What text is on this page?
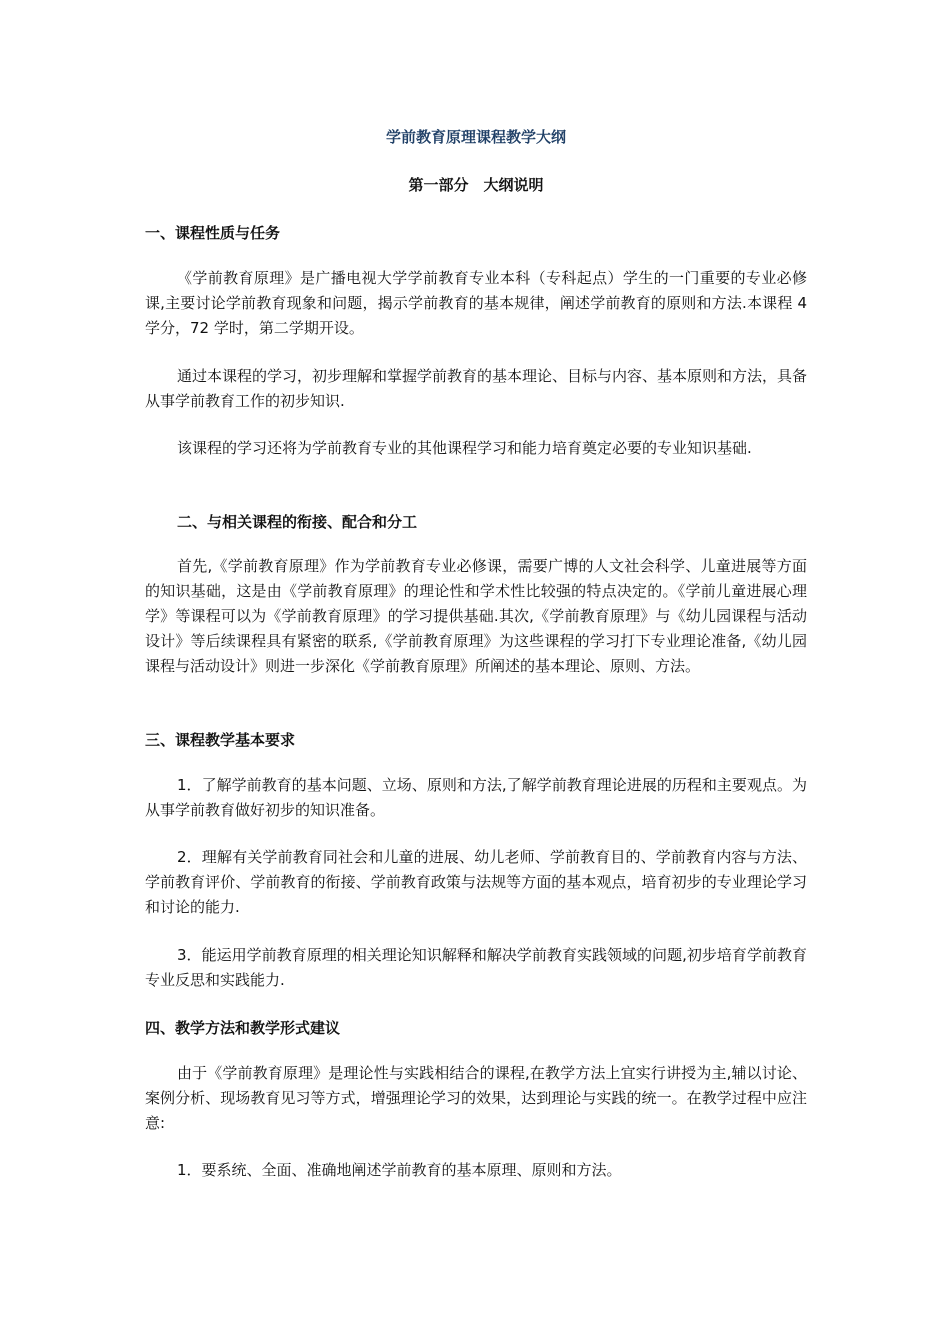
学前教育原理课程教学大纲
第一部分　大纲说明
一、课程性质与任务
《学前教育原理》是广播电视大学学前教育专业本科（专科起点）学生的一门重要的专业必修课,主要讨论学前教育现象和问题，揭示学前教育的基本规律，阐述学前教育的原则和方法.本课程 4 学分，72 学时，第二学期开设。
通过本课程的学习，初步理解和掌握学前教育的基本理论、目标与内容、基本原则和方法，具备从事学前教育工作的初步知识.
该课程的学习还将为学前教育专业的其他课程学习和能力培育奠定必要的专业知识基础.
二、与相关课程的衔接、配合和分工
首先,《学前教育原理》作为学前教育专业必修课，需要广博的人文社会科学、儿童进展等方面的知识基础，这是由《学前教育原理》的理论性和学术性比较强的特点决定的。《学前儿童进展心理学》等课程可以为《学前教育原理》的学习提供基础.其次,《学前教育原理》与《幼儿园课程与活动设计》等后续课程具有紧密的联系,《学前教育原理》为这些课程的学习打下专业理论准备,《幼儿园课程与活动设计》则进一步深化《学前教育原理》所阐述的基本理论、原则、方法。
三、课程教学基本要求
1．了解学前教育的基本问题、立场、原则和方法,了解学前教育理论进展的历程和主要观点。为从事学前教育做好初步的知识准备。
2．理解有关学前教育同社会和儿童的进展、幼儿老师、学前教育目的、学前教育内容与方法、学前教育评价、学前教育的衔接、学前教育政策与法规等方面的基本观点，培育初步的专业理论学习和讨论的能力.
3．能运用学前教育原理的相关理论知识解释和解决学前教育实践领域的问题,初步培育学前教育专业反思和实践能力.
四、教学方法和教学形式建议
由于《学前教育原理》是理论性与实践相结合的课程,在教学方法上宜实行讲授为主,辅以讨论、案例分析、现场教育见习等方式，增强理论学习的效果，达到理论与实践的统一。在教学过程中应注意:
1．要系统、全面、准确地阐述学前教育的基本原理、原则和方法。
